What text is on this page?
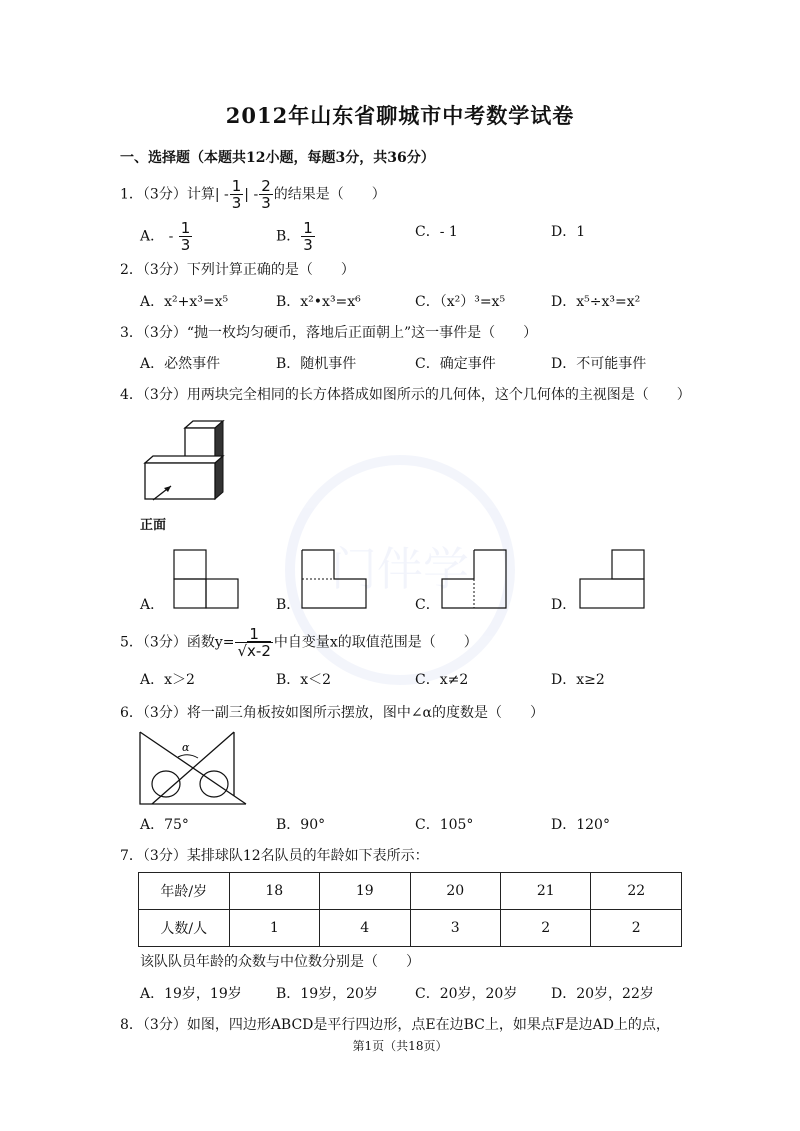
门伴学
2012年山东省聊城市中考数学试卷
一、选择题（本题共12小题，每题3分，共36分）
1．（3分）计算| - $\frac{1}{3}$ | - $\frac{2}{3}$ 的结果是（　　）
A． - $\frac{1}{3}$	B． $\frac{1}{3}$	C．- 1	D．1
2．（3分）下列计算正确的是（　　）
A．x²+x³=x⁵	B．x²•x³=x⁶	C．（x²）³=x⁵	D．x⁵÷x³=x²
3．（3分）“抛一枚均匀硬币，落地后正面朝上”这一事件是（　　）
A．必然事件	B．随机事件	C．确定事件	D．不可能事件
4．（3分）用两块完全相同的长方体搭成如图所示的几何体，这个几何体的主视图是（　　）
正面
A．	B．	C．	D．
5．（3分）函数$y= \frac{1}{√x-2}$ 中自变量x的取值范围是（　　）
A．x＞2	B．x＜2	C．x≠2	D．x≥2
6．（3分）将一副三角板按如图所示摆放，图中∠α的度数是（　　）
α
A．75°	B．90°	C．105°	D．120°
7．（3分）某排球队12名队员的年龄如下表所示：
年龄/岁	18	19	20	21	22
人数/人	1	4	3	2	2
该队队员年龄的众数与中位数分别是（　　）
A．19岁，19岁 B．19岁，20岁	C．20岁，20岁 D．20岁，22岁
8．（3分）如图，四边形ABCD是平行四边形，点E在边BC上，如果点F是边AD上的点，
第1页（共18页）
